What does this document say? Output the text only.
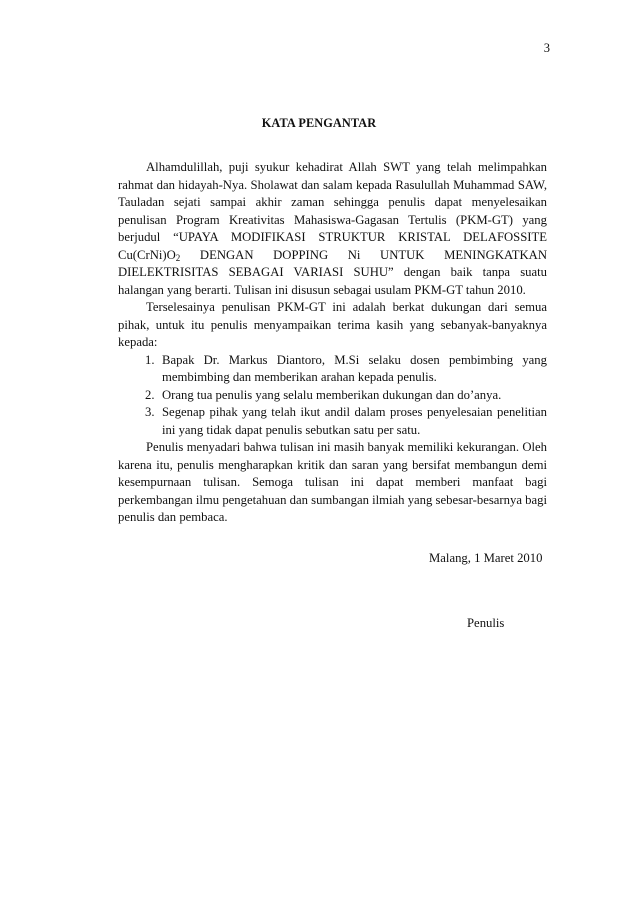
3
KATA PENGANTAR

Alhamdulillah, puji syukur kehadirat Allah SWT yang telah melimpahkan rahmat dan hidayah-Nya. Sholawat dan salam kepada Rasulullah Muhammad SAW, Tauladan sejati sampai akhir zaman sehingga penulis dapat menyelesaikan penulisan Program Kreativitas Mahasiswa-Gagasan Tertulis (PKM-GT) yang berjudul “UPAYA MODIFIKASI STRUKTUR KRISTAL DELAFOSSITE $Cu(CrNi)O_2$ DENGAN DOPPING Ni UNTUK MENINGKATKAN DIELEKTRISITAS SEBAGAI VARIASI SUHU” dengan baik tanpa suatu halangan yang berarti. Tulisan ini disusun sebagai usulam PKM-GT tahun 2010.

Terselesainya penulisan PKM-GT ini adalah berkat dukungan dari semua pihak, untuk itu penulis menyampaikan terima kasih yang sebanyak-banyaknya kepada:

1. Bapak Dr. Markus Diantoro, M.Si selaku dosen pembimbing yang membimbing dan memberikan arahan kepada penulis.
2. Orang tua penulis yang selalu memberikan dukungan dan do’anya.
3. Segenap pihak yang telah ikut andil dalam proses penyelesaian penelitian ini yang tidak dapat penulis sebutkan satu per satu.

Penulis menyadari bahwa tulisan ini masih banyak memiliki kekurangan. Oleh karena itu, penulis mengharapkan kritik dan saran yang bersifat membangun demi kesempurnaan tulisan. Semoga tulisan ini dapat memberi manfaat bagi perkembangan ilmu pengetahuan dan sumbangan ilmiah yang sebesar-besarnya bagi penulis dan pembaca.

Malang, 1 Maret 2010
Penulis
